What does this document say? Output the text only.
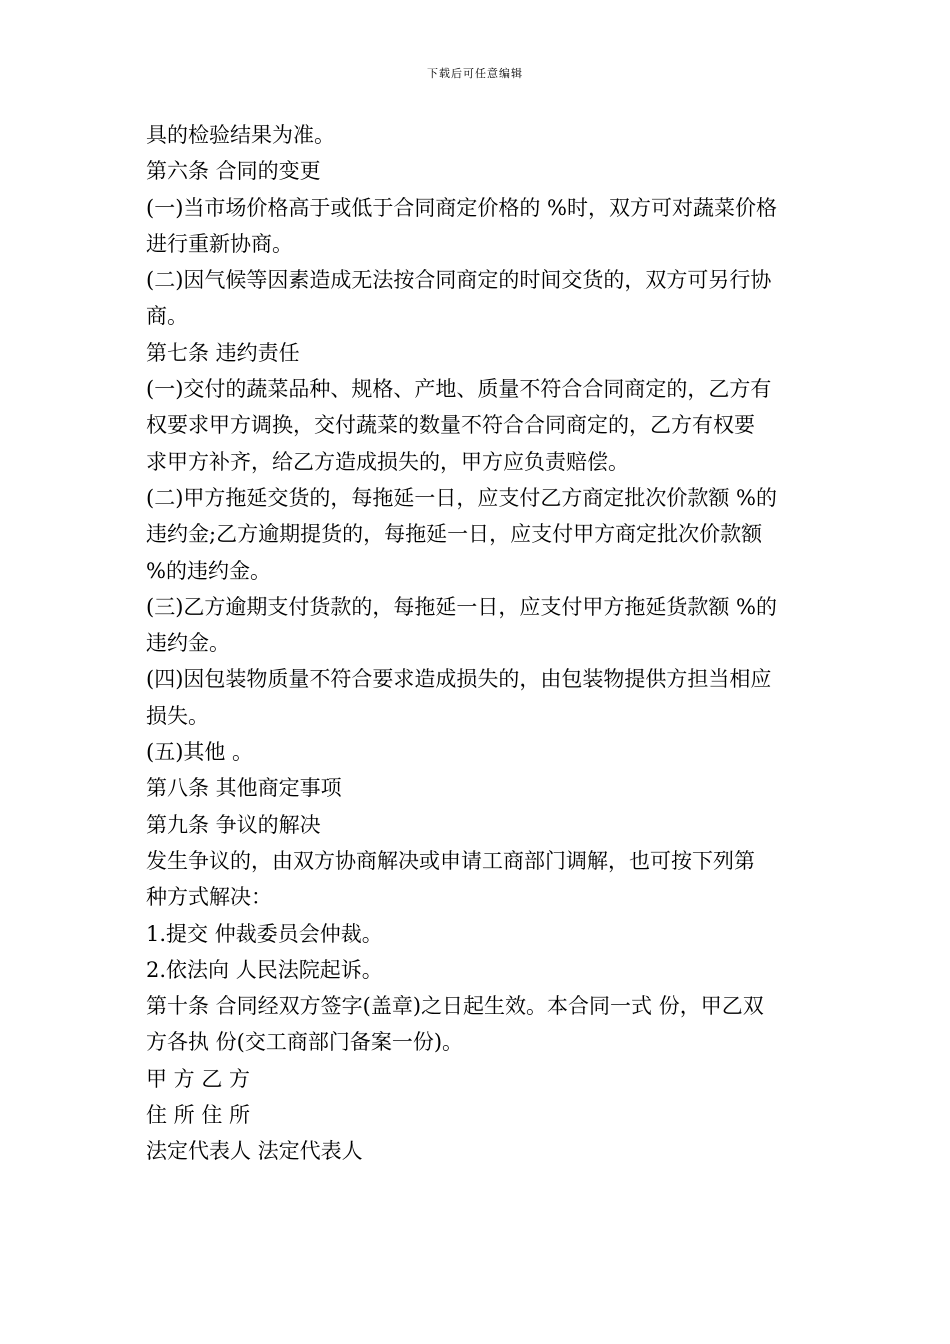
下载后可任意编辑
具的检验结果为准。
第六条 合同的变更
(一)当市场价格高于或低于合同商定价格的 %时，双方可对蔬菜价格
进行重新协商。
(二)因气候等因素造成无法按合同商定的时间交货的，双方可另行协
商。
第七条 违约责任
(一)交付的蔬菜品种、规格、产地、质量不符合合同商定的，乙方有
权要求甲方调换，交付蔬菜的数量不符合合同商定的，乙方有权要
求甲方补齐，给乙方造成损失的，甲方应负责赔偿。
(二)甲方拖延交货的，每拖延一日，应支付乙方商定批次价款额 %的
违约金;乙方逾期提货的，每拖延一日，应支付甲方商定批次价款额
%的违约金。
(三)乙方逾期支付货款的，每拖延一日，应支付甲方拖延货款额 %的
违约金。
(四)因包装物质量不符合要求造成损失的，由包装物提供方担当相应
损失。
(五)其他 。
第八条 其他商定事项
第九条 争议的解决
发生争议的，由双方协商解决或申请工商部门调解，也可按下列第
种方式解决：
1.提交 仲裁委员会仲裁。
2.依法向 人民法院起诉。
第十条 合同经双方签字(盖章)之日起生效。本合同一式 份，甲乙双
方各执 份(交工商部门备案一份)。
甲 方 乙 方
住 所 住 所
法定代表人 法定代表人
